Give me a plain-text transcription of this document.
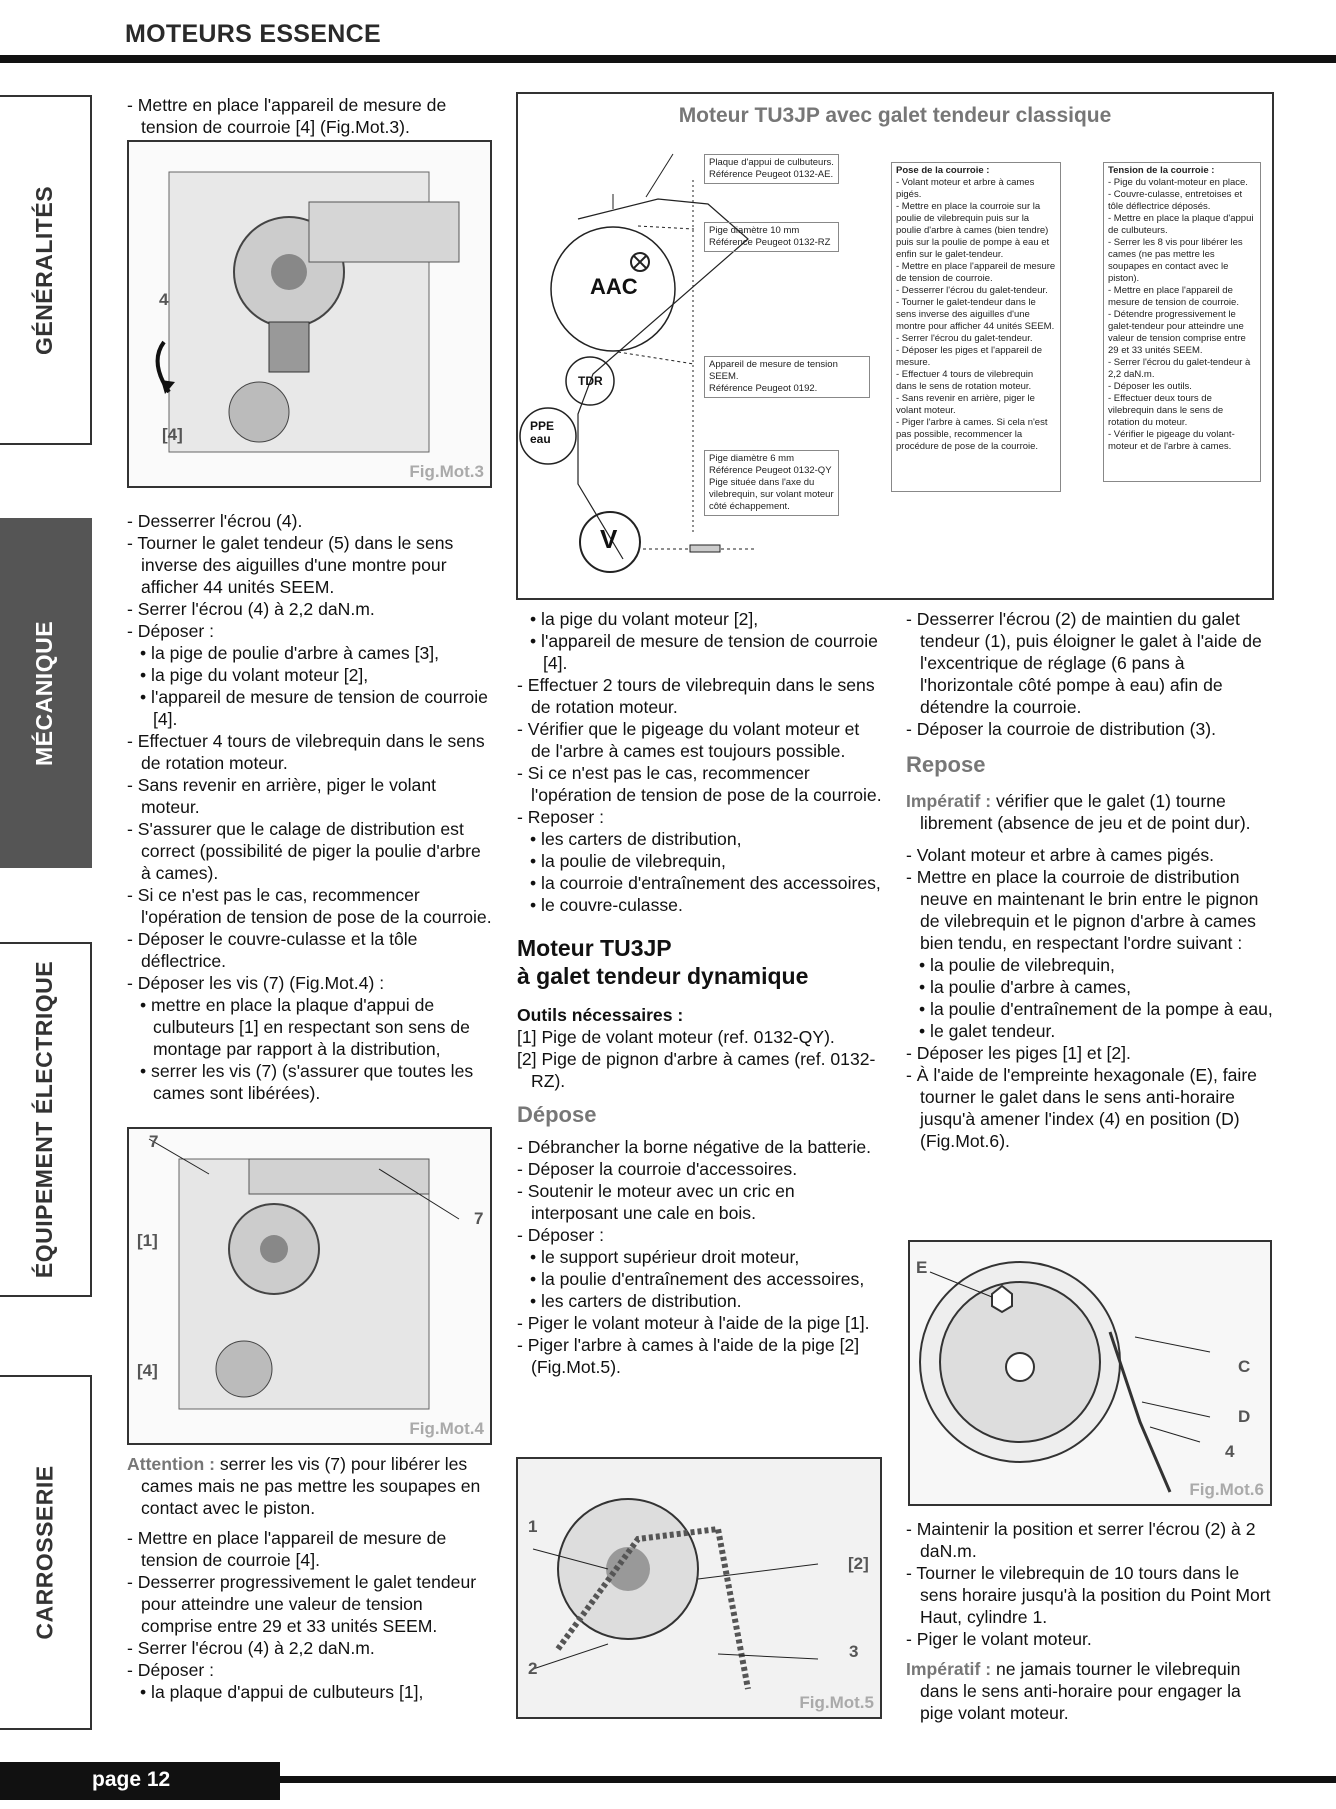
MOTEURS ESSENCE
page 12
GÉNÉRALITÉS
MÉCANIQUE
ÉQUIPEMENT ÉLECTRIQUE
CARROSSERIE

- Mettre en place l'appareil de mesure de tension de courroie [4] (Fig.Mot.3).

4
[4]
Fig.Mot.3

- Desserrer l'écrou (4).

- Tourner le galet tendeur (5) dans le sens inverse des aiguilles d'une montre pour afficher 44 unités SEEM.

- Serrer l'écrou (4) à 2,2 daN.m.

- Déposer :

• la pige de poulie d'arbre à cames [3],

• la pige du volant moteur [2],

• l'appareil de mesure de tension de courroie [4].

- Effectuer 4 tours de vilebrequin dans le sens de rotation moteur.

- Sans revenir en arrière, piger le volant moteur.

- S'assurer que le calage de distribution est correct (possibilité de piger la poulie d'arbre à cames).

- Si ce n'est pas le cas, recommencer l'opération de tension de pose de la courroie.

- Déposer le couvre-culasse et la tôle déflectrice.

- Déposer les vis (7) (Fig.Mot.4) :

• mettre en place la plaque d'appui de culbuteurs [1] en respectant son sens de montage par rapport à la distribution,

• serrer les vis (7) (s'assurer que toutes les cames sont libérées).

7
7
[1]
[4]
Fig.Mot.4

Attention : serrer les vis (7) pour libérer les cames mais ne pas mettre les soupapes en contact avec le piston.

- Mettre en place l'appareil de mesure de tension de courroie [4].

- Desserrer progressivement le galet tendeur pour atteindre une valeur de tension comprise entre 29 et 33 unités SEEM.

- Serrer l'écrou (4) à 2,2 daN.m.

- Déposer :

• la plaque d'appui de culbuteurs [1],

Moteur TU3JP avec galet tendeur classique
AAC
TDR
PPE
eau
V
Plaque d'appui de culbuteurs.
Référence Peugeot 0132-AE.
Pige diamètre 10 mm
Référence Peugeot 0132-RZ
Appareil de mesure de tension SEEM.
Référence Peugeot 0192.
Pige diamètre 6 mm
Référence Peugeot 0132-QY
Pige située dans l'axe du vilebrequin, sur volant moteur côté échappement.
Pose de la courroie :
- Volant moteur et arbre à cames pigés.
- Mettre en place la courroie sur la poulie de vilebrequin puis sur la poulie d'arbre à cames (bien tendre) puis sur la poulie de pompe à eau et enfin sur le galet-tendeur.
- Mettre en place l'appareil de mesure de tension de courroie.
- Desserrer l'écrou du galet-tendeur.
- Tourner le galet-tendeur dans le sens inverse des aiguilles d'une montre pour afficher 44 unités SEEM.
- Serrer l'écrou du galet-tendeur.
- Déposer les piges et l'appareil de mesure.
- Effectuer 4 tours de vilebrequin dans le sens de rotation moteur.
- Sans revenir en arrière, piger le volant moteur.
- Piger l'arbre à cames. Si cela n'est pas possible, recommencer la procédure de pose de la courroie.
Tension de la courroie :
- Pige du volant-moteur en place.
- Couvre-culasse, entretoises et tôle déflectrice déposés.
- Mettre en place la plaque d'appui de culbuteurs.
- Serrer les 8 vis pour libérer les cames (ne pas mettre les soupapes en contact avec le piston).
- Mettre en place l'appareil de mesure de tension de courroie.
- Détendre progressivement le galet-tendeur pour atteindre une valeur de tension comprise entre 29 et 33 unités SEEM.
- Serrer l'écrou du galet-tendeur à 2,2 daN.m.
- Déposer les outils.
- Effectuer deux tours de vilebrequin dans le sens de rotation du moteur.
- Vérifier le pigeage du volant-moteur et de l'arbre à cames.

• la pige du volant moteur [2],

• l'appareil de mesure de tension de courroie [4].

- Effectuer 2 tours de vilebrequin dans le sens de rotation moteur.

- Vérifier que le pigeage du volant moteur et de l'arbre à cames est toujours possible.

- Si ce n'est pas le cas, recommencer l'opération de tension de pose de la courroie.

- Reposer :

• les carters de distribution,

• la poulie de vilebrequin,

• la courroie d'entraînement des accessoires,

• le couvre-culasse.

Moteur TU3JP
à galet tendeur dynamique

Outils nécessaires :

[1] Pige de volant moteur (ref. 0132-QY).

[2] Pige de pignon d'arbre à cames (ref. 0132-RZ).

Dépose

- Débrancher la borne négative de la batterie.

- Déposer la courroie d'accessoires.

- Soutenir le moteur avec un cric en interposant une cale en bois.

- Déposer :

• le support supérieur droit moteur,

• la poulie d'entraînement des accessoires,

• les carters de distribution.

- Piger le volant moteur à l'aide de la pige [1].

- Piger l'arbre à cames à l'aide de la pige [2] (Fig.Mot.5).

1
2
3
[2]
Fig.Mot.5

- Desserrer l'écrou (2) de maintien du galet tendeur (1), puis éloigner le galet à l'aide de l'excentrique de réglage (6 pans à l'horizontale côté pompe à eau) afin de détendre la courroie.

- Déposer la courroie de distribution (3).

Repose

Impératif : vérifier que le galet (1) tourne librement (absence de jeu et de point dur).

- Volant moteur et arbre à cames pigés.

- Mettre en place la courroie de distribution neuve en maintenant le brin entre le pignon de vilebrequin et le pignon d'arbre à cames bien tendu, en respectant l'ordre suivant :

• la poulie de vilebrequin,

• la poulie d'arbre à cames,

• la poulie d'entraînement de la pompe à eau,

• le galet tendeur.

- Déposer les piges [1] et [2].

- À l'aide de l'empreinte hexagonale (E), faire tourner le galet dans le sens anti-horaire jusqu'à amener l'index (4) en position (D) (Fig.Mot.6).

E
C
D
4
Fig.Mot.6

- Maintenir la position et serrer l'écrou (2) à 2 daN.m.

- Tourner le vilebrequin de 10 tours dans le sens horaire jusqu'à la position du Point Mort Haut, cylindre 1.

- Piger le volant moteur.

Impératif : ne jamais tourner le vilebrequin dans le sens anti-horaire pour engager la pige volant moteur.
